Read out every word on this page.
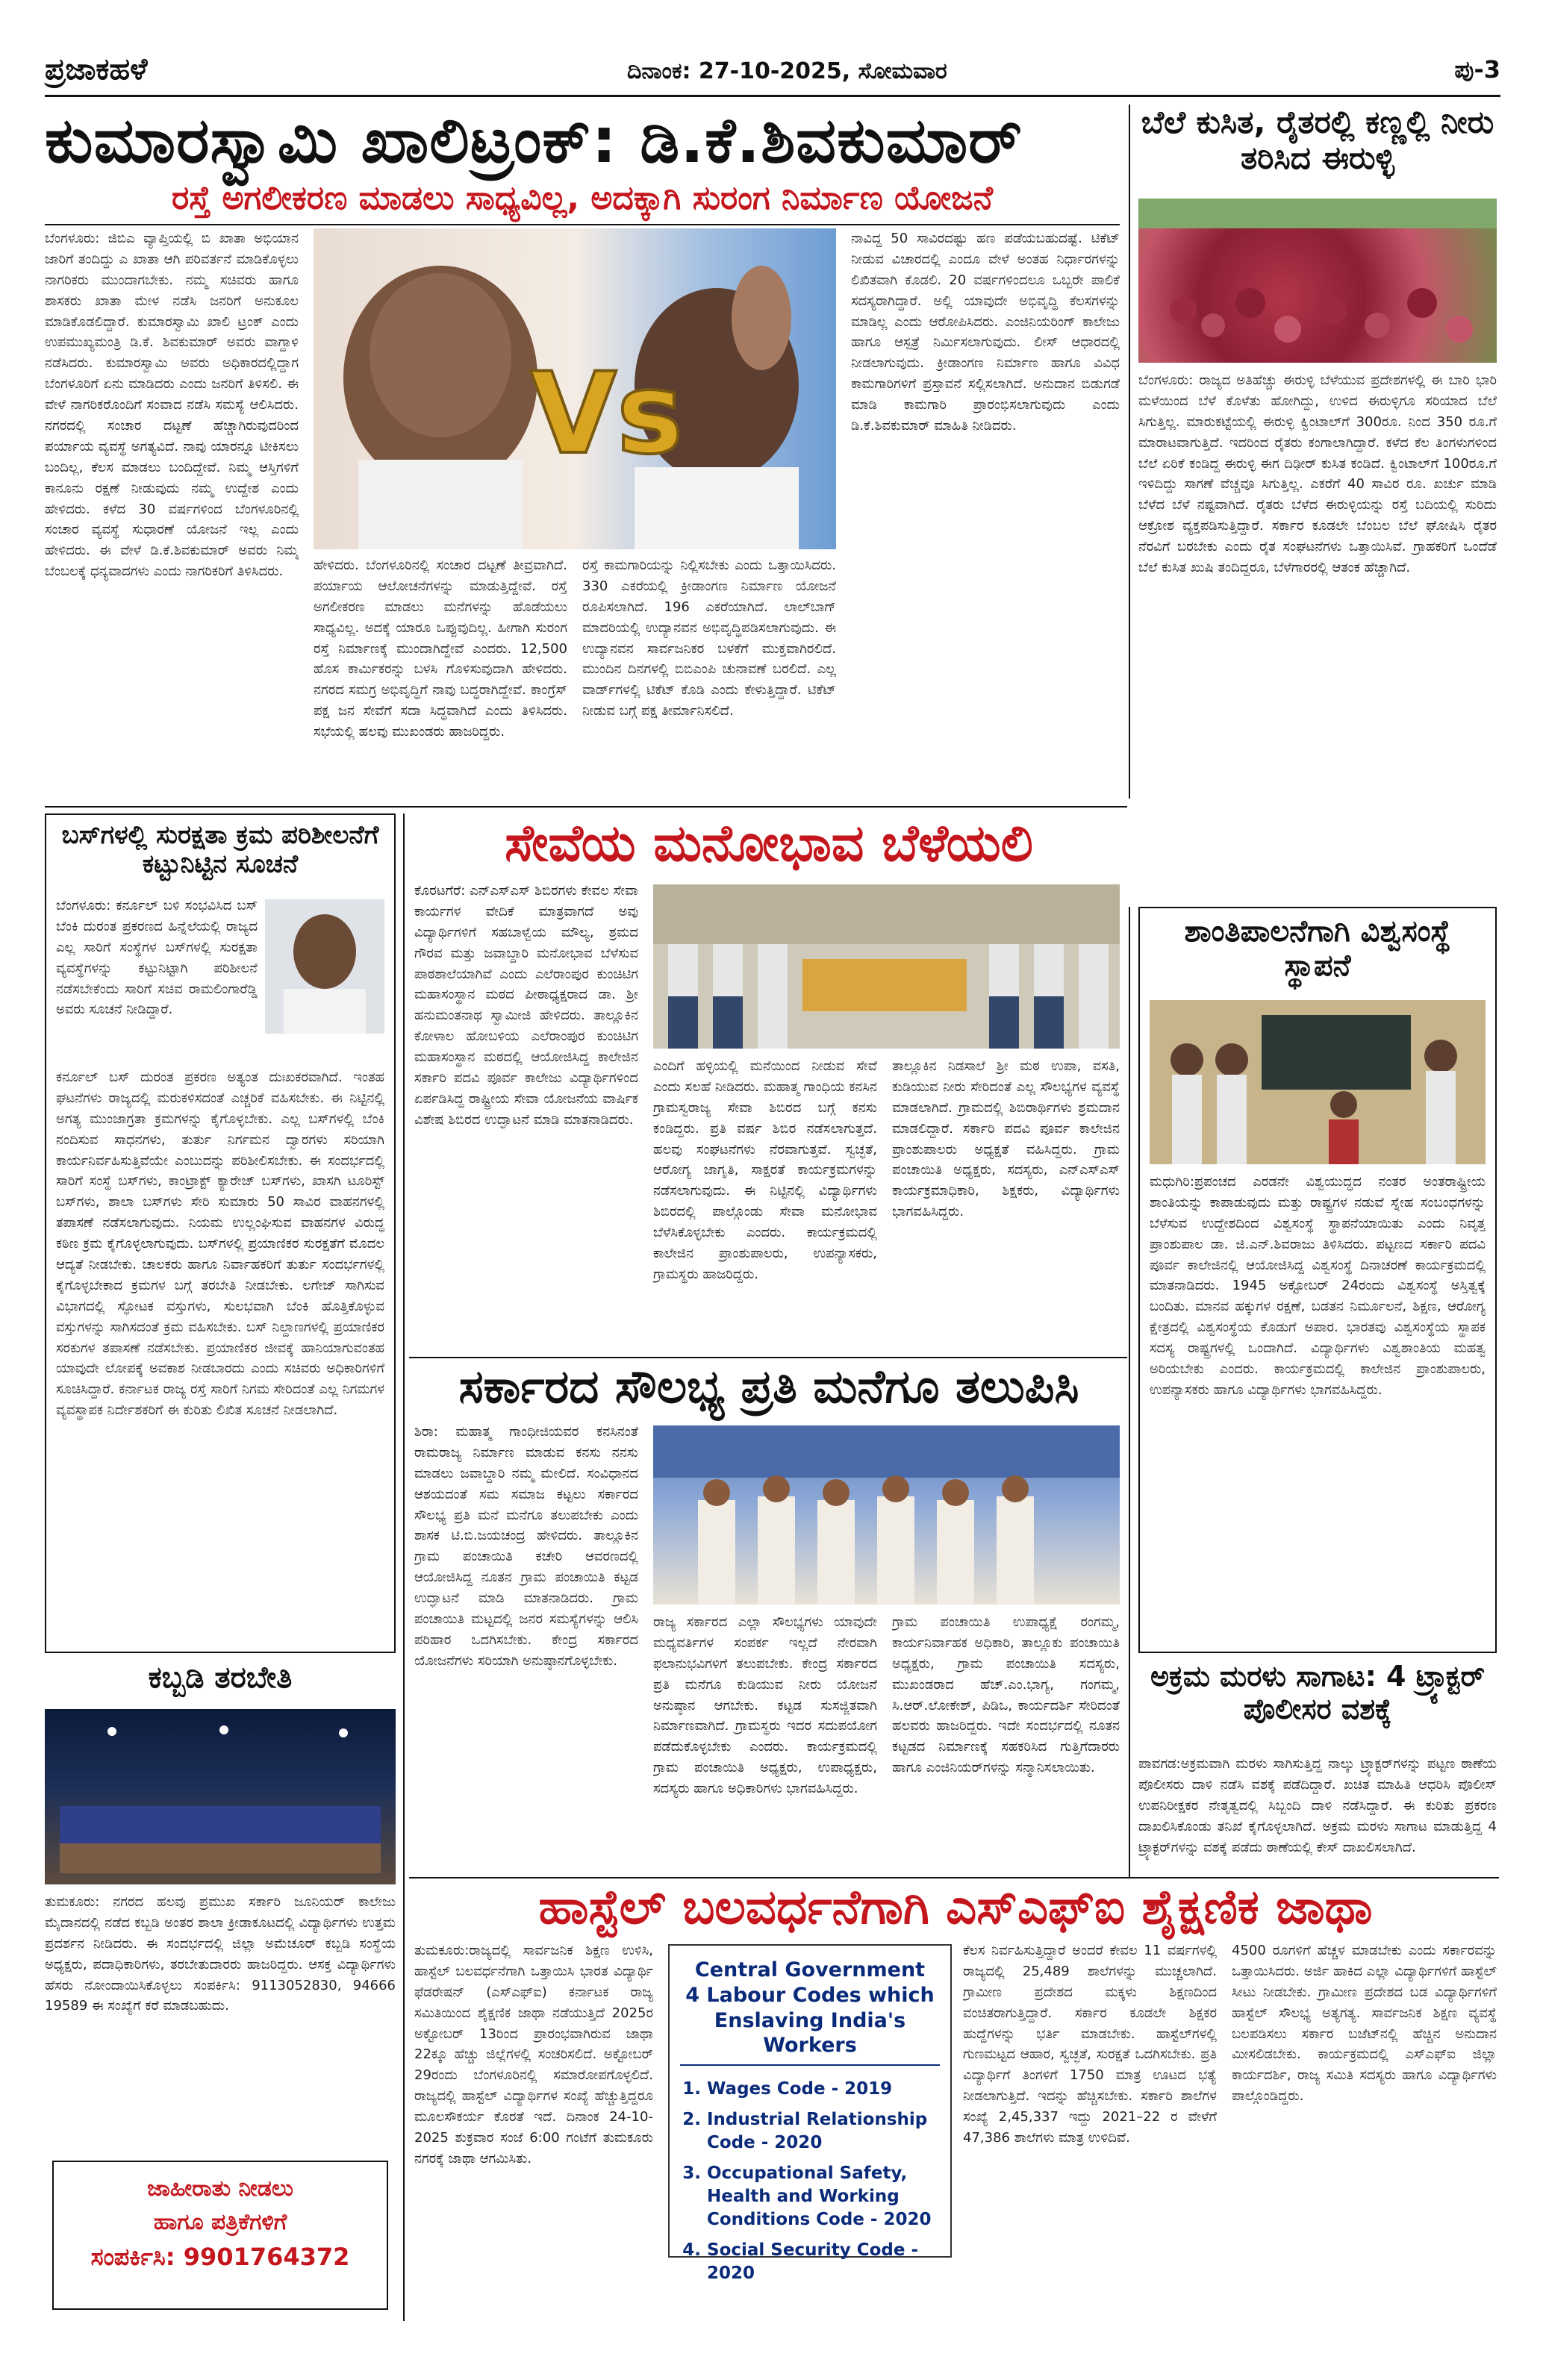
ಪ್ರಜಾಕಹಳೆ	ದಿನಾಂಕ: 27-10-2025, ಸೋಮವಾರ	ಪು-3
ಕುಮಾರಸ್ವಾಮಿ ಖಾಲಿಟ್ರಂಕ್: ಡಿ.ಕೆ.ಶಿವಕುಮಾರ್
ರಸ್ತೆ ಅಗಲೀಕರಣ ಮಾಡಲು ಸಾಧ್ಯವಿಲ್ಲ, ಅದಕ್ಕಾಗಿ ಸುರಂಗ ನಿರ್ಮಾಣ ಯೋಜನೆ
ಬೆಂಗಳೂರು: ಜಿಬಿಎ ವ್ಯಾಪ್ತಿಯಲ್ಲಿ ಬಿ ಖಾತಾ ಅಭಿಯಾನ ಜಾರಿಗೆ ತಂದಿದ್ದು ಎ ಖಾತಾ ಆಗಿ ಪರಿವರ್ತನೆ ಮಾಡಿಕೊಳ್ಳಲು ನಾಗರಿಕರು ಮುಂದಾಗಬೇಕು. ನಮ್ಮ ಸಚಿವರು ಹಾಗೂ ಶಾಸಕರು ಖಾತಾ ಮೇಳ ನಡೆಸಿ ಜನರಿಗೆ ಅನುಕೂಲ ಮಾಡಿಕೊಡಲಿದ್ದಾರೆ. ಕುಮಾರಸ್ವಾಮಿ ಖಾಲಿ ಟ್ರಂಕ್ ಎಂದು ಉಪಮುಖ್ಯಮಂತ್ರಿ ಡಿ.ಕೆ. ಶಿವಕುಮಾರ್ ಅವರು ವಾಗ್ದಾಳಿ ನಡೆಸಿದರು. ಕುಮಾರಸ್ವಾಮಿ ಅವರು ಅಧಿಕಾರದಲ್ಲಿದ್ದಾಗ ಬೆಂಗಳೂರಿಗೆ ಏನು ಮಾಡಿದರು ಎಂದು ಜನರಿಗೆ ತಿಳಿಸಲಿ. ಈ ವೇಳೆ ನಾಗರಿಕರೊಂದಿಗೆ ಸಂವಾದ ನಡೆಸಿ ಸಮಸ್ಯೆ ಆಲಿಸಿದರು. ನಗರದಲ್ಲಿ ಸಂಚಾರ ದಟ್ಟಣೆ ಹೆಚ್ಚಾಗಿರುವುದರಿಂದ ಪರ್ಯಾಯ ವ್ಯವಸ್ಥೆ ಅಗತ್ಯವಿದೆ. ನಾವು ಯಾರನ್ನೂ ಟೀಕಿಸಲು ಬಂದಿಲ್ಲ, ಕೆಲಸ ಮಾಡಲು ಬಂದಿದ್ದೇವೆ. ನಿಮ್ಮ ಆಸ್ತಿಗಳಿಗೆ ಕಾನೂನು ರಕ್ಷಣೆ ನೀಡುವುದು ನಮ್ಮ ಉದ್ದೇಶ ಎಂದು ಹೇಳಿದರು. ಕಳೆದ 30 ವರ್ಷಗಳಿಂದ ಬೆಂಗಳೂರಿನಲ್ಲಿ ಸಂಚಾರ ವ್ಯವಸ್ಥೆ ಸುಧಾರಣೆ ಯೋಜನೆ ಇಲ್ಲ ಎಂದು ಹೇಳಿದರು. ಈ ವೇಳೆ ಡಿ.ಕೆ.ಶಿವಕುಮಾರ್ ಅವರು ನಿಮ್ಮ ಬೆಂಬಲಕ್ಕೆ ಧನ್ಯವಾದಗಳು ಎಂದು ನಾಗರಿಕರಿಗೆ ತಿಳಿಸಿದರು.
Vs
ಹೇಳಿದರು. ಬೆಂಗಳೂರಿನಲ್ಲಿ ಸಂಚಾರ ದಟ್ಟಣೆ ತೀವ್ರವಾಗಿದೆ. ಪರ್ಯಾಯ ಆಲೋಚನೆಗಳನ್ನು ಮಾಡುತ್ತಿದ್ದೇವೆ. ರಸ್ತೆ ಅಗಲೀಕರಣ ಮಾಡಲು ಮನೆಗಳನ್ನು ಹೊಡೆಯಲು ಸಾಧ್ಯವಿಲ್ಲ. ಅದಕ್ಕೆ ಯಾರೂ ಒಪ್ಪುವುದಿಲ್ಲ. ಹೀಗಾಗಿ ಸುರಂಗ ರಸ್ತೆ ನಿರ್ಮಾಣಕ್ಕೆ ಮುಂದಾಗಿದ್ದೇವೆ ಎಂದರು. 12,500 ಹೊಸ ಕಾರ್ಮಿಕರನ್ನು ಬಳಸಿ ಗೊಳಿಸುವುದಾಗಿ ಹೇಳಿದರು. ನಗರದ ಸಮಗ್ರ ಅಭಿವೃದ್ಧಿಗೆ ನಾವು ಬದ್ಧರಾಗಿದ್ದೇವೆ. ಕಾಂಗ್ರೆಸ್ ಪಕ್ಷ ಜನ ಸೇವೆಗೆ ಸದಾ ಸಿದ್ಧವಾಗಿದೆ ಎಂದು ತಿಳಿಸಿದರು. ಸಭೆಯಲ್ಲಿ ಹಲವು ಮುಖಂಡರು ಹಾಜರಿದ್ದರು.
ರಸ್ತೆ ಕಾಮಗಾರಿಯನ್ನು ನಿಲ್ಲಿಸಬೇಕು ಎಂದು ಒತ್ತಾಯಿಸಿದರು. 330 ಎಕರೆಯಲ್ಲಿ ಕ್ರೀಡಾಂಗಣ ನಿರ್ಮಾಣ ಯೋಜನೆ ರೂಪಿಸಲಾಗಿದೆ. 196 ಎಕರೆಯಾಗಿದೆ. ಲಾಲ್‌ಬಾಗ್ ಮಾದರಿಯಲ್ಲಿ ಉದ್ಯಾನವನ ಅಭಿವೃದ್ಧಿಪಡಿಸಲಾಗುವುದು. ಈ ಉದ್ಯಾನವನ ಸಾರ್ವಜನಿಕರ ಬಳಕೆಗೆ ಮುಕ್ತವಾಗಿರಲಿದೆ. ಮುಂದಿನ ದಿನಗಳಲ್ಲಿ ಬಿಬಿಎಂಪಿ ಚುನಾವಣೆ ಬರಲಿದೆ. ಎಲ್ಲ ವಾರ್ಡ್‌ಗಳಲ್ಲಿ ಟಿಕೆಟ್ ಕೊಡಿ ಎಂದು ಕೇಳುತ್ತಿದ್ದಾರೆ. ಟಿಕೆಟ್ ನೀಡುವ ಬಗ್ಗೆ ಪಕ್ಷ ತೀರ್ಮಾನಿಸಲಿದೆ.
ನಾವಿದ್ದ 50 ಸಾವಿರದಷ್ಟು ಹಣ ಪಡೆಯಬಹುದಷ್ಟೆ. ಟಿಕೆಟ್ ನೀಡುವ ವಿಚಾರದಲ್ಲಿ ಎಂದೂ ವೇಳೆ ಅಂತಹ ನಿರ್ಧಾರಗಳನ್ನು ಲಿಖಿತವಾಗಿ ಕೊಡಲಿ. 20 ವರ್ಷಗಳಿಂದಲೂ ಒಬ್ಬರೇ ಪಾಲಿಕೆ ಸದಸ್ಯರಾಗಿದ್ದಾರೆ. ಅಲ್ಲಿ ಯಾವುದೇ ಅಭಿವೃದ್ಧಿ ಕೆಲಸಗಳನ್ನು ಮಾಡಿಲ್ಲ ಎಂದು ಆರೋಪಿಸಿದರು. ಎಂಜಿನಿಯರಿಂಗ್ ಕಾಲೇಜು ಹಾಗೂ ಆಸ್ಪತ್ರೆ ನಿರ್ಮಿಸಲಾಗುವುದು. ಲೀಸ್ ಆಧಾರದಲ್ಲಿ ನೀಡಲಾಗುವುದು. ಕ್ರೀಡಾಂಗಣ ನಿರ್ಮಾಣ ಹಾಗೂ ವಿವಿಧ ಕಾಮಗಾರಿಗಳಿಗೆ ಪ್ರಸ್ತಾವನೆ ಸಲ್ಲಿಸಲಾಗಿದೆ. ಅನುದಾನ ಬಿಡುಗಡೆ ಮಾಡಿ ಕಾಮಗಾರಿ ಪ್ರಾರಂಭಿಸಲಾಗುವುದು ಎಂದು ಡಿ.ಕೆ.ಶಿವಕುಮಾರ್ ಮಾಹಿತಿ ನೀಡಿದರು.
ಬೆಲೆ ಕುಸಿತ, ರೈತರಲ್ಲಿ ಕಣ್ಣಲ್ಲಿ ನೀರು ತರಿಸಿದ ಈರುಳ್ಳಿ
ಬೆಂಗಳೂರು: ರಾಜ್ಯದ ಅತಿಹೆಚ್ಚು ಈರುಳ್ಳಿ ಬೆಳೆಯುವ ಪ್ರದೇಶಗಳಲ್ಲಿ ಈ ಬಾರಿ ಭಾರಿ ಮಳೆಯಿಂದ ಬೆಳೆ ಕೊಳೆತು ಹೋಗಿದ್ದು, ಉಳಿದ ಈರುಳ್ಳಿಗೂ ಸರಿಯಾದ ಬೆಲೆ ಸಿಗುತ್ತಿಲ್ಲ. ಮಾರುಕಟ್ಟೆಯಲ್ಲಿ ಈರುಳ್ಳಿ ಕ್ವಿಂಟಾಲ್‌ಗೆ 300ರೂ. ನಿಂದ 350 ರೂ.ಗೆ ಮಾರಾಟವಾಗುತ್ತಿದೆ. ಇದರಿಂದ ರೈತರು ಕಂಗಾಲಾಗಿದ್ದಾರೆ. ಕಳೆದ ಕೆಲ ತಿಂಗಳುಗಳಿಂದ ಬೆಲೆ ಏರಿಕೆ ಕಂಡಿದ್ದ ಈರುಳ್ಳಿ ಈಗ ದಿಢೀರ್ ಕುಸಿತ ಕಂಡಿದೆ. ಕ್ವಿಂಟಾಲ್‌ಗೆ 100ರೂ.ಗೆ ಇಳಿದಿದ್ದು ಸಾಗಣೆ ವೆಚ್ಚವೂ ಸಿಗುತ್ತಿಲ್ಲ. ಎಕರೆಗೆ 40 ಸಾವಿರ ರೂ. ಖರ್ಚು ಮಾಡಿ ಬೆಳೆದ ಬೆಳೆ ನಷ್ಟವಾಗಿದೆ. ರೈತರು ಬೆಳೆದ ಈರುಳ್ಳಿಯನ್ನು ರಸ್ತೆ ಬದಿಯಲ್ಲಿ ಸುರಿದು ಆಕ್ರೋಶ ವ್ಯಕ್ತಪಡಿಸುತ್ತಿದ್ದಾರೆ. ಸರ್ಕಾರ ಕೂಡಲೇ ಬೆಂಬಲ ಬೆಲೆ ಘೋಷಿಸಿ ರೈತರ ನೆರವಿಗೆ ಬರಬೇಕು ಎಂದು ರೈತ ಸಂಘಟನೆಗಳು ಒತ್ತಾಯಿಸಿವೆ. ಗ್ರಾಹಕರಿಗೆ ಒಂದೆಡೆ ಬೆಲೆ ಕುಸಿತ ಖುಷಿ ತಂದಿದ್ದರೂ, ಬೆಳೆಗಾರರಲ್ಲಿ ಆತಂಕ ಹೆಚ್ಚಾಗಿದೆ.
ಬಸ್‌ಗಳಲ್ಲಿ ಸುರಕ್ಷತಾ ಕ್ರಮ ಪರಿಶೀಲನೆಗೆ ಕಟ್ಟುನಿಟ್ಟಿನ ಸೂಚನೆ
ಬೆಂಗಳೂರು: ಕರ್ನೂಲ್ ಬಳಿ ಸಂಭವಿಸಿದ ಬಸ್ ಬೆಂಕಿ ದುರಂತ ಪ್ರಕರಣದ ಹಿನ್ನೆಲೆಯಲ್ಲಿ ರಾಜ್ಯದ ಎಲ್ಲ ಸಾರಿಗೆ ಸಂಸ್ಥೆಗಳ ಬಸ್‌ಗಳಲ್ಲಿ ಸುರಕ್ಷತಾ ವ್ಯವಸ್ಥೆಗಳನ್ನು ಕಟ್ಟುನಿಟ್ಟಾಗಿ ಪರಿಶೀಲನೆ ನಡೆಸಬೇಕೆಂದು ಸಾರಿಗೆ ಸಚಿವ ರಾಮಲಿಂಗಾರೆಡ್ಡಿ ಅವರು ಸೂಚನೆ ನೀಡಿದ್ದಾರೆ.
ಕರ್ನೂಲ್ ಬಸ್ ದುರಂತ ಪ್ರಕರಣ ಅತ್ಯಂತ ದುಃಖಕರವಾಗಿದೆ. ಇಂತಹ ಘಟನೆಗಳು ರಾಜ್ಯದಲ್ಲಿ ಮರುಕಳಿಸದಂತೆ ಎಚ್ಚರಿಕೆ ವಹಿಸಬೇಕು. ಈ ನಿಟ್ಟಿನಲ್ಲಿ ಅಗತ್ಯ ಮುಂಜಾಗ್ರತಾ ಕ್ರಮಗಳನ್ನು ಕೈಗೊಳ್ಳಬೇಕು. ಎಲ್ಲ ಬಸ್‌ಗಳಲ್ಲಿ ಬೆಂಕಿ ನಂದಿಸುವ ಸಾಧನಗಳು, ತುರ್ತು ನಿರ್ಗಮನ ದ್ವಾರಗಳು ಸರಿಯಾಗಿ ಕಾರ್ಯನಿರ್ವಹಿಸುತ್ತಿವೆಯೇ ಎಂಬುದನ್ನು ಪರಿಶೀಲಿಸಬೇಕು. ಈ ಸಂದರ್ಭದಲ್ಲಿ ಸಾರಿಗೆ ಸಂಸ್ಥೆ ಬಸ್‌ಗಳು, ಕಾಂಟ್ರಾಕ್ಟ್ ಕ್ಯಾರೇಜ್ ಬಸ್‌ಗಳು, ಖಾಸಗಿ ಟೂರಿಸ್ಟ್ ಬಸ್‌ಗಳು, ಶಾಲಾ ಬಸ್‌ಗಳು ಸೇರಿ ಸುಮಾರು 50 ಸಾವಿರ ವಾಹನಗಳಲ್ಲಿ ತಪಾಸಣೆ ನಡೆಸಲಾಗುವುದು. ನಿಯಮ ಉಲ್ಲಂಘಿಸುವ ವಾಹನಗಳ ವಿರುದ್ಧ ಕಠಿಣ ಕ್ರಮ ಕೈಗೊಳ್ಳಲಾಗುವುದು. ಬಸ್‌ಗಳಲ್ಲಿ ಪ್ರಯಾಣಿಕರ ಸುರಕ್ಷತೆಗೆ ಮೊದಲ ಆದ್ಯತೆ ನೀಡಬೇಕು. ಚಾಲಕರು ಹಾಗೂ ನಿರ್ವಾಹಕರಿಗೆ ತುರ್ತು ಸಂದರ್ಭಗಳಲ್ಲಿ ಕೈಗೊಳ್ಳಬೇಕಾದ ಕ್ರಮಗಳ ಬಗ್ಗೆ ತರಬೇತಿ ನೀಡಬೇಕು. ಲಗೇಜ್ ಸಾಗಿಸುವ ವಿಭಾಗದಲ್ಲಿ ಸ್ಫೋಟಕ ವಸ್ತುಗಳು, ಸುಲಭವಾಗಿ ಬೆಂಕಿ ಹೊತ್ತಿಕೊಳ್ಳುವ ವಸ್ತುಗಳನ್ನು ಸಾಗಿಸದಂತೆ ಕ್ರಮ ವಹಿಸಬೇಕು. ಬಸ್ ನಿಲ್ದಾಣಗಳಲ್ಲಿ ಪ್ರಯಾಣಿಕರ ಸರಕುಗಳ ತಪಾಸಣೆ ನಡೆಸಬೇಕು. ಪ್ರಯಾಣಿಕರ ಜೀವಕ್ಕೆ ಹಾನಿಯಾಗುವಂತಹ ಯಾವುದೇ ಲೋಪಕ್ಕೆ ಅವಕಾಶ ನೀಡಬಾರದು ಎಂದು ಸಚಿವರು ಅಧಿಕಾರಿಗಳಿಗೆ ಸೂಚಿಸಿದ್ದಾರೆ. ಕರ್ನಾಟಕ ರಾಜ್ಯ ರಸ್ತೆ ಸಾರಿಗೆ ನಿಗಮ ಸೇರಿದಂತೆ ಎಲ್ಲ ನಿಗಮಗಳ ವ್ಯವಸ್ಥಾಪಕ ನಿರ್ದೇಶಕರಿಗೆ ಈ ಕುರಿತು ಲಿಖಿತ ಸೂಚನೆ ನೀಡಲಾಗಿದೆ.
ಕಬ್ಬಡಿ ತರಬೇತಿ
ತುಮಕೂರು: ನಗರದ ಹಲವು ಪ್ರಮುಖ ಸರ್ಕಾರಿ ಜೂನಿಯರ್ ಕಾಲೇಜು ಮೈದಾನದಲ್ಲಿ ನಡೆದ ಕಬ್ಬಡಿ ಅಂತರ ಶಾಲಾ ಕ್ರೀಡಾಕೂಟದಲ್ಲಿ ವಿದ್ಯಾರ್ಥಿಗಳು ಉತ್ತಮ ಪ್ರದರ್ಶನ ನೀಡಿದರು. ಈ ಸಂದರ್ಭದಲ್ಲಿ ಜಿಲ್ಲಾ ಅಮೆಚೂರ್ ಕಬ್ಬಡಿ ಸಂಸ್ಥೆಯ ಅಧ್ಯಕ್ಷರು, ಪದಾಧಿಕಾರಿಗಳು, ತರಬೇತುದಾರರು ಹಾಜರಿದ್ದರು. ಆಸಕ್ತ ವಿದ್ಯಾರ್ಥಿಗಳು ಹೆಸರು ನೋಂದಾಯಿಸಿಕೊಳ್ಳಲು ಸಂಪರ್ಕಿಸಿ: 9113052830, 94666 19589 ಈ ಸಂಖ್ಯೆಗೆ ಕರೆ ಮಾಡಬಹುದು.
ಜಾಹೀರಾತು ನೀಡಲು
ಹಾಗೂ ಪತ್ರಿಕೆಗಳಿಗೆ
ಸಂಪರ್ಕಿಸಿ: 9901764372
ಸೇವೆಯ ಮನೋಭಾವ ಬೆಳೆಯಲಿ
ಕೊರಟಗೆರೆ: ಎನ್‌ಎಸ್‌ಎಸ್ ಶಿಬಿರಗಳು ಕೇವಲ ಸೇವಾ ಕಾರ್ಯಗಳ ವೇದಿಕೆ ಮಾತ್ರವಾಗದೆ ಅವು ವಿದ್ಯಾರ್ಥಿಗಳಿಗೆ ಸಹಬಾಳ್ವೆಯ ಮೌಲ್ಯ, ಶ್ರಮದ ಗೌರವ ಮತ್ತು ಜವಾಬ್ದಾರಿ ಮನೋಭಾವ ಬೆಳೆಸುವ ಪಾಠಶಾಲೆಯಾಗಿವೆ ಎಂದು ಎಲೆರಾಂಪುರ ಕುಂಚಿಟಿಗ ಮಹಾಸಂಸ್ಥಾನ ಮಠದ ಪೀಠಾಧ್ಯಕ್ಷರಾದ ಡಾ. ಶ್ರೀ ಹನುಮಂತನಾಥ ಸ್ವಾಮೀಜಿ ಹೇಳಿದರು. ತಾಲ್ಲೂಕಿನ ಕೋಳಾಲ ಹೋಬಳಿಯ ಎಲೆರಾಂಪುರ ಕುಂಚಿಟಿಗ ಮಹಾಸಂಸ್ಥಾನ ಮಠದಲ್ಲಿ ಆಯೋಜಿಸಿದ್ದ ಕಾಲೇಜಿನ ಸರ್ಕಾರಿ ಪದವಿ ಪೂರ್ವ ಕಾಲೇಜು ವಿದ್ಯಾರ್ಥಿಗಳಿಂದ ಏರ್ಪಡಿಸಿದ್ದ ರಾಷ್ಟ್ರೀಯ ಸೇವಾ ಯೋಜನೆಯ ವಾರ್ಷಿಕ ವಿಶೇಷ ಶಿಬಿರದ ಉದ್ಘಾಟನೆ ಮಾಡಿ ಮಾತನಾಡಿದರು.
ಎಂದಿಗೆ ಹಳ್ಳಿಯಲ್ಲಿ ಮನೆಯಿಂದ ನೀಡುವ ಸೇವೆ ಎಂದು ಸಲಹೆ ನೀಡಿದರು. ಮಹಾತ್ಮ ಗಾಂಧಿಯ ಕನಸಿನ ಗ್ರಾಮಸ್ವರಾಜ್ಯ ಸೇವಾ ಶಿಬಿರದ ಬಗ್ಗೆ ಕನಸು ಕಂಡಿದ್ದರು. ಪ್ರತಿ ವರ್ಷ ಶಿಬಿರ ನಡೆಸಲಾಗುತ್ತದೆ. ಹಲವು ಸಂಘಟನೆಗಳು ನೆರವಾಗುತ್ತವೆ. ಸ್ವಚ್ಛತೆ, ಆರೋಗ್ಯ ಜಾಗೃತಿ, ಸಾಕ್ಷರತೆ ಕಾರ್ಯಕ್ರಮಗಳನ್ನು ನಡೆಸಲಾಗುವುದು. ಈ ನಿಟ್ಟಿನಲ್ಲಿ ವಿದ್ಯಾರ್ಥಿಗಳು ಶಿಬಿರದಲ್ಲಿ ಪಾಲ್ಗೊಂಡು ಸೇವಾ ಮನೋಭಾವ ಬೆಳೆಸಿಕೊಳ್ಳಬೇಕು ಎಂದರು. ಕಾರ್ಯಕ್ರಮದಲ್ಲಿ ಕಾಲೇಜಿನ ಪ್ರಾಂಶುಪಾಲರು, ಉಪನ್ಯಾಸಕರು, ಗ್ರಾಮಸ್ಥರು ಹಾಜರಿದ್ದರು.
ತಾಲ್ಲೂಕಿನ ನಿಡಸಾಲೆ ಶ್ರೀ ಮಠ ಉಪಾ, ವಸತಿ, ಕುಡಿಯುವ ನೀರು ಸೇರಿದಂತೆ ಎಲ್ಲ ಸೌಲಭ್ಯಗಳ ವ್ಯವಸ್ಥೆ ಮಾಡಲಾಗಿದೆ. ಗ್ರಾಮದಲ್ಲಿ ಶಿಬಿರಾರ್ಥಿಗಳು ಶ್ರಮದಾನ ಮಾಡಲಿದ್ದಾರೆ. ಸರ್ಕಾರಿ ಪದವಿ ಪೂರ್ವ ಕಾಲೇಜಿನ ಪ್ರಾಂಶುಪಾಲರು ಅಧ್ಯಕ್ಷತೆ ವಹಿಸಿದ್ದರು. ಗ್ರಾಮ ಪಂಚಾಯಿತಿ ಅಧ್ಯಕ್ಷರು, ಸದಸ್ಯರು, ಎನ್‌ಎಸ್‌ಎಸ್ ಕಾರ್ಯಕ್ರಮಾಧಿಕಾರಿ, ಶಿಕ್ಷಕರು, ವಿದ್ಯಾರ್ಥಿಗಳು ಭಾಗವಹಿಸಿದ್ದರು.
ಸರ್ಕಾರದ ಸೌಲಭ್ಯ ಪ್ರತಿ ಮನೆಗೂ ತಲುಪಿಸಿ
ಶಿರಾ: ಮಹಾತ್ಮ ಗಾಂಧೀಜಿಯವರ ಕನಸಿನಂತೆ ರಾಮರಾಜ್ಯ ನಿರ್ಮಾಣ ಮಾಡುವ ಕನಸು ನನಸು ಮಾಡಲು ಜವಾಬ್ದಾರಿ ನಮ್ಮ ಮೇಲಿದೆ. ಸಂವಿಧಾನದ ಆಶಯದಂತೆ ಸಮ ಸಮಾಜ ಕಟ್ಟಲು ಸರ್ಕಾರದ ಸೌಲಭ್ಯ ಪ್ರತಿ ಮನೆ ಮನೆಗೂ ತಲುಪಬೇಕು ಎಂದು ಶಾಸಕ ಟಿ.ಬಿ.ಜಯಚಂದ್ರ ಹೇಳಿದರು. ತಾಲ್ಲೂಕಿನ ಗ್ರಾಮ ಪಂಚಾಯಿತಿ ಕಚೇರಿ ಆವರಣದಲ್ಲಿ ಆಯೋಜಿಸಿದ್ದ ನೂತನ ಗ್ರಾಮ ಪಂಚಾಯಿತಿ ಕಟ್ಟಡ ಉದ್ಘಾಟನೆ ಮಾಡಿ ಮಾತನಾಡಿದರು. ಗ್ರಾಮ ಪಂಚಾಯಿತಿ ಮಟ್ಟದಲ್ಲಿ ಜನರ ಸಮಸ್ಯೆಗಳನ್ನು ಆಲಿಸಿ ಪರಿಹಾರ ಒದಗಿಸಬೇಕು. ಕೇಂದ್ರ ಸರ್ಕಾರದ ಯೋಜನೆಗಳು ಸರಿಯಾಗಿ ಅನುಷ್ಠಾನಗೊಳ್ಳಬೇಕು.
ರಾಜ್ಯ ಸರ್ಕಾರದ ಎಲ್ಲಾ ಸೌಲಭ್ಯಗಳು ಯಾವುದೇ ಮಧ್ಯವರ್ತಿಗಳ ಸಂಪರ್ಕ ಇಲ್ಲದೆ ನೇರವಾಗಿ ಫಲಾನುಭವಿಗಳಿಗೆ ತಲುಪಬೇಕು. ಕೇಂದ್ರ ಸರ್ಕಾರದ ಪ್ರತಿ ಮನೆಗೂ ಕುಡಿಯುವ ನೀರು ಯೋಜನೆ ಅನುಷ್ಠಾನ ಆಗಬೇಕು. ಕಟ್ಟಡ ಸುಸಜ್ಜಿತವಾಗಿ ನಿರ್ಮಾಣವಾಗಿದೆ. ಗ್ರಾಮಸ್ಥರು ಇದರ ಸದುಪಯೋಗ ಪಡೆದುಕೊಳ್ಳಬೇಕು ಎಂದರು. ಕಾರ್ಯಕ್ರಮದಲ್ಲಿ ಗ್ರಾಮ ಪಂಚಾಯಿತಿ ಅಧ್ಯಕ್ಷರು, ಉಪಾಧ್ಯಕ್ಷರು, ಸದಸ್ಯರು ಹಾಗೂ ಅಧಿಕಾರಿಗಳು ಭಾಗವಹಿಸಿದ್ದರು.
ಗ್ರಾಮ ಪಂಚಾಯಿತಿ ಉಪಾಧ್ಯಕ್ಷೆ ರಂಗಮ್ಮ, ಕಾರ್ಯನಿರ್ವಾಹಕ ಅಧಿಕಾರಿ, ತಾಲ್ಲೂಕು ಪಂಚಾಯಿತಿ ಅಧ್ಯಕ್ಷರು, ಗ್ರಾಮ ಪಂಚಾಯಿತಿ ಸದಸ್ಯರು, ಮುಖಂಡರಾದ ಹೆಚ್.ಎಂ.ಭಾಗ್ಯ, ಗಂಗಮ್ಮ, ಸಿ.ಆರ್.ಲೋಕೇಶ್, ಪಿಡಿಒ, ಕಾರ್ಯದರ್ಶಿ ಸೇರಿದಂತೆ ಹಲವರು ಹಾಜರಿದ್ದರು. ಇದೇ ಸಂದರ್ಭದಲ್ಲಿ ನೂತನ ಕಟ್ಟಡದ ನಿರ್ಮಾಣಕ್ಕೆ ಸಹಕರಿಸಿದ ಗುತ್ತಿಗೆದಾರರು ಹಾಗೂ ಎಂಜಿನಿಯರ್‌ಗಳನ್ನು ಸನ್ಮಾನಿಸಲಾಯಿತು.
ಶಾಂತಿಪಾಲನೆಗಾಗಿ ವಿಶ್ವಸಂಸ್ಥೆ ಸ್ಥಾಪನೆ
ಮಧುಗಿರಿ:ಪ್ರಪಂಚದ ಎರಡನೇ ವಿಶ್ವಯುದ್ಧದ ನಂತರ ಅಂತರಾಷ್ಟ್ರೀಯ ಶಾಂತಿಯನ್ನು ಕಾಪಾಡುವುದು ಮತ್ತು ರಾಷ್ಟ್ರಗಳ ನಡುವೆ ಸ್ನೇಹ ಸಂಬಂಧಗಳನ್ನು ಬೆಳೆಸುವ ಉದ್ದೇಶದಿಂದ ವಿಶ್ವಸಂಸ್ಥೆ ಸ್ಥಾಪನೆಯಾಯಿತು ಎಂದು ನಿವೃತ್ತ ಪ್ರಾಂಶುಪಾಲ ಡಾ. ಜಿ.ಎನ್.ಶಿವರಾಜು ತಿಳಿಸಿದರು. ಪಟ್ಟಣದ ಸರ್ಕಾರಿ ಪದವಿ ಪೂರ್ವ ಕಾಲೇಜಿನಲ್ಲಿ ಆಯೋಜಿಸಿದ್ದ ವಿಶ್ವಸಂಸ್ಥೆ ದಿನಾಚರಣೆ ಕಾರ್ಯಕ್ರಮದಲ್ಲಿ ಮಾತನಾಡಿದರು. 1945 ಅಕ್ಟೋಬರ್ 24ರಂದು ವಿಶ್ವಸಂಸ್ಥೆ ಅಸ್ತಿತ್ವಕ್ಕೆ ಬಂದಿತು. ಮಾನವ ಹಕ್ಕುಗಳ ರಕ್ಷಣೆ, ಬಡತನ ನಿರ್ಮೂಲನೆ, ಶಿಕ್ಷಣ, ಆರೋಗ್ಯ ಕ್ಷೇತ್ರದಲ್ಲಿ ವಿಶ್ವಸಂಸ್ಥೆಯ ಕೊಡುಗೆ ಅಪಾರ. ಭಾರತವು ವಿಶ್ವಸಂಸ್ಥೆಯ ಸ್ಥಾಪಕ ಸದಸ್ಯ ರಾಷ್ಟ್ರಗಳಲ್ಲಿ ಒಂದಾಗಿದೆ. ವಿದ್ಯಾರ್ಥಿಗಳು ವಿಶ್ವಶಾಂತಿಯ ಮಹತ್ವ ಅರಿಯಬೇಕು ಎಂದರು. ಕಾರ್ಯಕ್ರಮದಲ್ಲಿ ಕಾಲೇಜಿನ ಪ್ರಾಂಶುಪಾಲರು, ಉಪನ್ಯಾಸಕರು ಹಾಗೂ ವಿದ್ಯಾರ್ಥಿಗಳು ಭಾಗವಹಿಸಿದ್ದರು.
ಅಕ್ರಮ ಮರಳು ಸಾಗಾಟ: 4 ಟ್ರ್ಯಾಕ್ಟರ್ ಪೊಲೀಸರ ವಶಕ್ಕೆ
ಪಾವಗಡ:ಅಕ್ರಮವಾಗಿ ಮರಳು ಸಾಗಿಸುತ್ತಿದ್ದ ನಾಲ್ಕು ಟ್ರ್ಯಾಕ್ಟರ್‌ಗಳನ್ನು ಪಟ್ಟಣ ಠಾಣೆಯ ಪೊಲೀಸರು ದಾಳಿ ನಡೆಸಿ ವಶಕ್ಕೆ ಪಡೆದಿದ್ದಾರೆ. ಖಚಿತ ಮಾಹಿತಿ ಆಧರಿಸಿ ಪೊಲೀಸ್ ಉಪನಿರೀಕ್ಷಕರ ನೇತೃತ್ವದಲ್ಲಿ ಸಿಬ್ಬಂದಿ ದಾಳಿ ನಡೆಸಿದ್ದಾರೆ. ಈ ಕುರಿತು ಪ್ರಕರಣ ದಾಖಲಿಸಿಕೊಂಡು ತನಿಖೆ ಕೈಗೊಳ್ಳಲಾಗಿದೆ. ಅಕ್ರಮ ಮರಳು ಸಾಗಾಟ ಮಾಡುತ್ತಿದ್ದ 4 ಟ್ರ್ಯಾಕ್ಟರ್‌ಗಳನ್ನು ವಶಕ್ಕೆ ಪಡೆದು ಠಾಣೆಯಲ್ಲಿ ಕೇಸ್ ದಾಖಲಿಸಲಾಗಿದೆ.
ಹಾಸ್ಟೆಲ್ ಬಲವರ್ಧನೆಗಾಗಿ ಎಸ್‌ಎಫ್‌ಐ ಶೈಕ್ಷಣಿಕ ಜಾಥಾ
ತುಮಕೂರು:ರಾಜ್ಯದಲ್ಲಿ ಸಾರ್ವಜನಿಕ ಶಿಕ್ಷಣ ಉಳಿಸಿ, ಹಾಸ್ಟೆಲ್ ಬಲವರ್ಧನೆಗಾಗಿ ಒತ್ತಾಯಿಸಿ ಭಾರತ ವಿದ್ಯಾರ್ಥಿ ಫೆಡರೇಷನ್ (ಎಸ್‌ಎಫ್‌ಐ) ಕರ್ನಾಟಕ ರಾಜ್ಯ ಸಮಿತಿಯಿಂದ ಶೈಕ್ಷಣಿಕ ಜಾಥಾ ನಡೆಯುತ್ತಿದೆ 2025ರ ಅಕ್ಟೋಬರ್ 13ರಿಂದ ಪ್ರಾರಂಭವಾಗಿರುವ ಜಾಥಾ 22ಕ್ಕೂ ಹೆಚ್ಚು ಜಿಲ್ಲೆಗಳಲ್ಲಿ ಸಂಚರಿಸಲಿದೆ. ಅಕ್ಟೋಬರ್ 29ರಂದು ಬೆಂಗಳೂರಿನಲ್ಲಿ ಸಮಾರೋಪಗೊಳ್ಳಲಿದೆ. ರಾಜ್ಯದಲ್ಲಿ ಹಾಸ್ಟೆಲ್ ವಿದ್ಯಾರ್ಥಿಗಳ ಸಂಖ್ಯೆ ಹೆಚ್ಚುತ್ತಿದ್ದರೂ ಮೂಲಸೌಕರ್ಯ ಕೊರತೆ ಇದೆ. ದಿನಾಂಕ 24-10-2025 ಶುಕ್ರವಾರ ಸಂಜೆ 6:00 ಗಂಟೆಗೆ ತುಮಕೂರು ನಗರಕ್ಕೆ ಜಾಥಾ ಆಗಮಿಸಿತು.
Central Government
4 Labour Codes which
Enslaving India's Workers
1. Wages Code - 2019
2. Industrial Relationship Code - 2020
3. Occupational Safety, Health and Working Conditions Code - 2020
4. Social Security Code - 2020
ಕೆಲಸ ನಿರ್ವಹಿಸುತ್ತಿದ್ದಾರೆ ಅಂದರೆ ಕೇವಲ 11 ವರ್ಷಗಳಲ್ಲಿ ರಾಜ್ಯದಲ್ಲಿ 25,489 ಶಾಲೆಗಳನ್ನು ಮುಚ್ಚಲಾಗಿದೆ. ಗ್ರಾಮೀಣ ಪ್ರದೇಶದ ಮಕ್ಕಳು ಶಿಕ್ಷಣದಿಂದ ವಂಚಿತರಾಗುತ್ತಿದ್ದಾರೆ. ಸರ್ಕಾರ ಕೂಡಲೇ ಶಿಕ್ಷಕರ ಹುದ್ದೆಗಳನ್ನು ಭರ್ತಿ ಮಾಡಬೇಕು. ಹಾಸ್ಟೆಲ್‌ಗಳಲ್ಲಿ ಗುಣಮಟ್ಟದ ಆಹಾರ, ಸ್ವಚ್ಛತೆ, ಸುರಕ್ಷತೆ ಒದಗಿಸಬೇಕು. ಪ್ರತಿ ವಿದ್ಯಾರ್ಥಿಗೆ ತಿಂಗಳಿಗೆ 1750 ಮಾತ್ರ ಊಟದ ಭತ್ಯೆ ನೀಡಲಾಗುತ್ತಿದೆ. ಇದನ್ನು ಹೆಚ್ಚಿಸಬೇಕು. ಸರ್ಕಾರಿ ಶಾಲೆಗಳ ಸಂಖ್ಯೆ 2,45,337 ಇದ್ದು 2021–22 ರ ವೇಳೆಗೆ 47,386 ಶಾಲೆಗಳು ಮಾತ್ರ ಉಳಿದಿವೆ.
4500 ರೂಗಳಿಗೆ ಹೆಚ್ಚಳ ಮಾಡಬೇಕು ಎಂದು ಸರ್ಕಾರವನ್ನು ಒತ್ತಾಯಿಸಿದರು. ಅರ್ಜಿ ಹಾಕಿದ ಎಲ್ಲಾ ವಿದ್ಯಾರ್ಥಿಗಳಿಗೆ ಹಾಸ್ಟೆಲ್ ಸೀಟು ನೀಡಬೇಕು. ಗ್ರಾಮೀಣ ಪ್ರದೇಶದ ಬಡ ವಿದ್ಯಾರ್ಥಿಗಳಿಗೆ ಹಾಸ್ಟೆಲ್ ಸೌಲಭ್ಯ ಅತ್ಯಗತ್ಯ. ಸಾರ್ವಜನಿಕ ಶಿಕ್ಷಣ ವ್ಯವಸ್ಥೆ ಬಲಪಡಿಸಲು ಸರ್ಕಾರ ಬಜೆಟ್‌ನಲ್ಲಿ ಹೆಚ್ಚಿನ ಅನುದಾನ ಮೀಸಲಿಡಬೇಕು. ಕಾರ್ಯಕ್ರಮದಲ್ಲಿ ಎಸ್‌ಎಫ್‌ಐ ಜಿಲ್ಲಾ ಕಾರ್ಯದರ್ಶಿ, ರಾಜ್ಯ ಸಮಿತಿ ಸದಸ್ಯರು ಹಾಗೂ ವಿದ್ಯಾರ್ಥಿಗಳು ಪಾಲ್ಗೊಂಡಿದ್ದರು.
